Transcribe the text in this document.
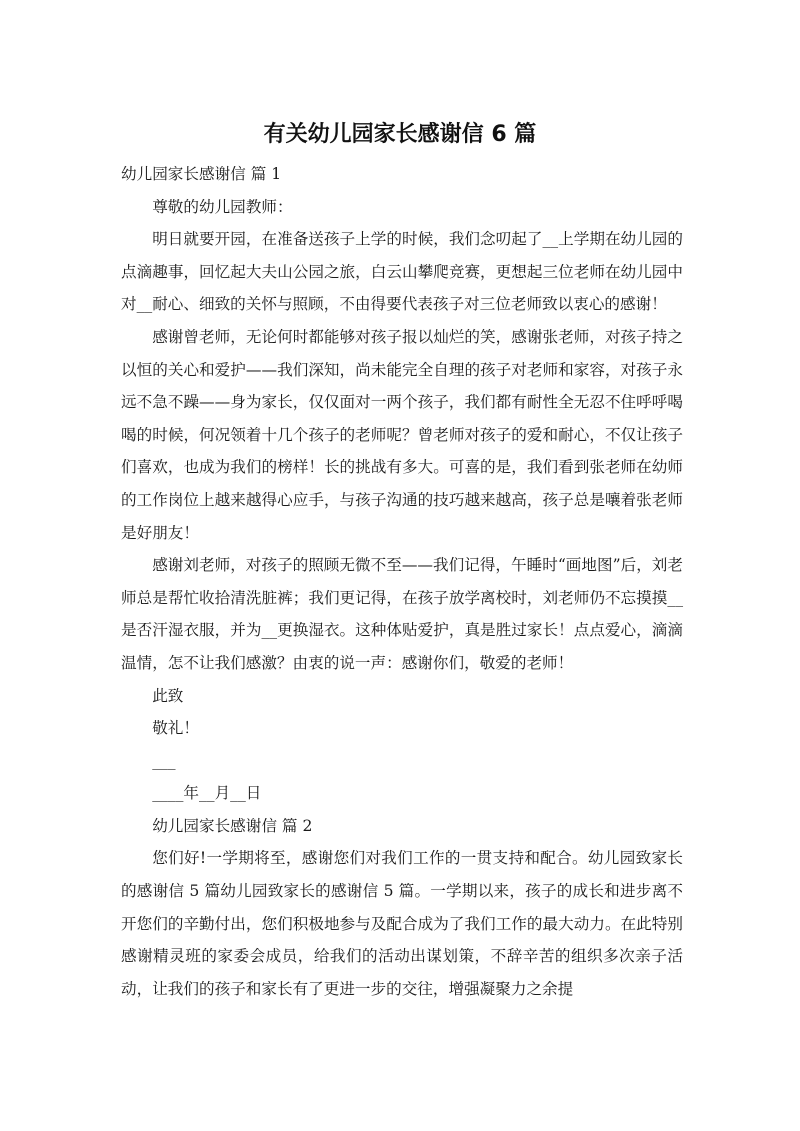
有关幼儿园家长感谢信 6 篇

幼儿园家长感谢信 篇 1

尊敬的幼儿园教师：

明日就要开园，在准备送孩子上学的时候，我们念叨起了__上学期在幼儿园的点滴趣事，回忆起大夫山公园之旅，白云山攀爬竞赛，更想起三位老师在幼儿园中对__耐心、细致的关怀与照顾，不由得要代表孩子对三位老师致以衷心的感谢！

感谢曾老师，无论何时都能够对孩子报以灿烂的笑，感谢张老师，对孩子持之以恒的关心和爱护——我们深知，尚未能完全自理的孩子对老师和家容，对孩子永远不急不躁——身为家长，仅仅面对一两个孩子，我们都有耐性全无忍不住呼呼喝喝的时候，何况领着十几个孩子的老师呢？曾老师对孩子的爱和耐心，不仅让孩子们喜欢，也成为我们的榜样！长的挑战有多大。可喜的是，我们看到张老师在幼师的工作岗位上越来越得心应手，与孩子沟通的技巧越来越高，孩子总是嚷着张老师是好朋友！

感谢刘老师，对孩子的照顾无微不至——我们记得，午睡时“画地图”后，刘老师总是帮忙收拾清洗脏裤；我们更记得，在孩子放学离校时，刘老师仍不忘摸摸__是否汗湿衣服，并为__更换湿衣。这种体贴爱护，真是胜过家长！点点爱心，滴滴温情，怎不让我们感激？由衷的说一声：感谢你们，敬爱的老师！

此致

敬礼！

___

____年__月__日

幼儿园家长感谢信 篇 2

您们好!一学期将至，感谢您们对我们工作的一贯支持和配合。幼儿园致家长的感谢信 5 篇幼儿园致家长的感谢信 5 篇。一学期以来，孩子的成长和进步离不开您们的辛勤付出，您们积极地参与及配合成为了我们工作的最大动力。在此特别感谢精灵班的家委会成员，给我们的活动出谋划策，不辞辛苦的组织多次亲子活动，让我们的孩子和家长有了更进一步的交往，增强凝聚力之余提
